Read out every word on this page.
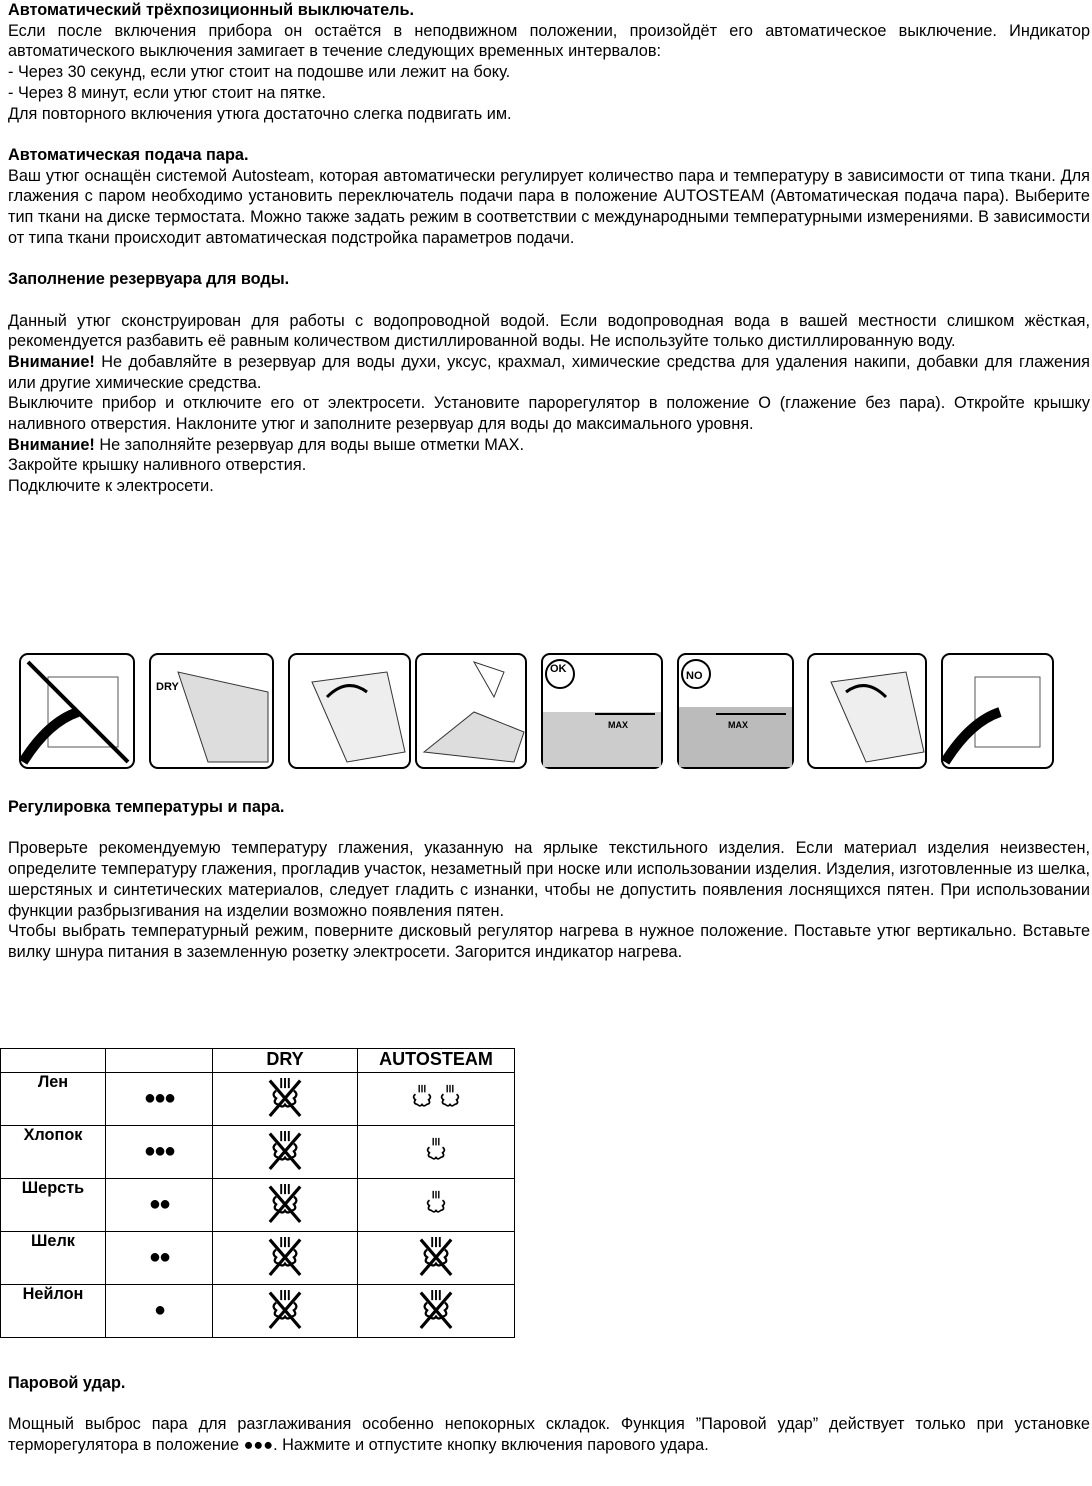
Автоматический трёхпозиционный выключатель.

Если после включения прибора он остаётся в неподвижном положении, произойдёт его автоматическое выключение. Индикатор автоматического выключения замигает в течение следующих временных интервалов:

- Через 30 секунд, если утюг стоит на подошве или лежит на боку.

- Через 8 минут, если утюг стоит на пятке.

Для повторного включения утюга достаточно слегка подвигать им.

Автоматическая подача пара.

Ваш утюг оснащён системой Autosteam, которая автоматически регулирует количество пара и температуру в зависимости от типа ткани. Для глажения с паром необходимо установить переключатель подачи пара в положение AUTOSTEAM (Автоматическая подача пара). Выберите тип ткани на диске термостата. Можно также задать режим в соответствии с международными температурными измерениями. В зависимости от типа ткани происходит автоматическая подстройка параметров подачи.

Заполнение резервуара для воды.

Данный утюг сконструирован для работы с водопроводной водой. Если водопроводная вода в вашей местности слишком жёсткая, рекомендуется разбавить её равным количеством дистиллированной воды. Не используйте только дистиллированную воду.

Внимание! Не добавляйте в резервуар для воды духи, уксус, крахмал, химические средства для удаления накипи, добавки для глажения или другие химические средства.

Выключите прибор и отключите его от электросети. Установите парорегулятор в положение O (глажение без пара). Откройте крышку наливного отверстия. Наклоните утюг и заполните резервуар для воды до максимального уровня.

Внимание! Не заполняйте резервуар для воды выше отметки MAX.

Закройте крышку наливного отверстия.

Подключите к электросети.

DRY
MAX
OK
MAX
NO

Регулировка температуры и пара.

Проверьте рекомендуемую температуру глажения, указанную на ярлыке текстильного изделия. Если материал изделия неизвестен, определите температуру глажения, прогладив участок, незаметный при носке или использовании изделия. Изделия, изготовленные из шелка, шерстяных и синтетических материалов, следует гладить с изнанки, чтобы не допустить появления лоснящихся пятен. При использовании функции разбрызгивания на изделии возможно появления пятен.

Чтобы выбрать температурный режим, поверните дисковый регулятор нагрева в нужное положение. Поставьте утюг вертикально. Вставьте вилку шнура питания в заземленную розетку электросети. Загорится индикатор нагрева.

		DRY	AUTOSTEAM
Лен	●●●		
Хлопок	●●●		
Шерсть	●●		
Шелк	●●		
Нейлон	●		

Паровой удар.

Мощный выброс пара для разглаживания особенно непокорных складок. Функция ”Паровой удар” действует только при установке терморегулятора в положение ●●●. Нажмите и отпустите кнопку включения парового удара.
